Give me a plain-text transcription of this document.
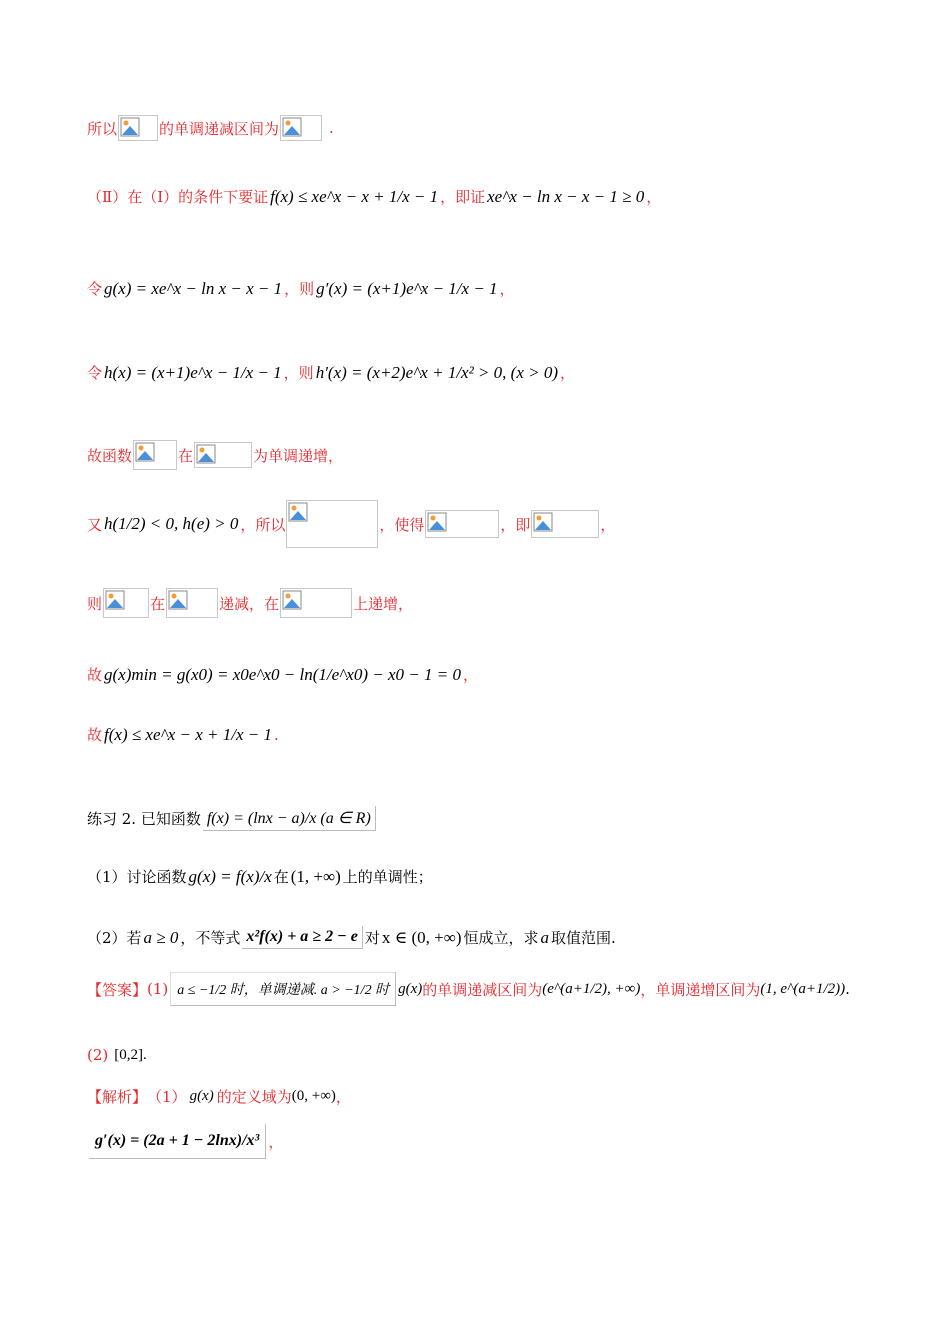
所以	的单调递减区间为	.
（Ⅱ）在（Ⅰ）的条件下要证 f(x) ≤ xe^x − x + 1/x − 1 ，即证 xe^x − ln x − x − 1 ≥ 0 ，
令 g(x) = xe^x − ln x − x − 1 ，则 g′(x) = (x+1)e^x − 1/x − 1 ，
令 h(x) = (x+1)e^x − 1/x − 1 ，则 h′(x) = (x+2)e^x + 1/x² > 0, (x > 0) ，
故函数	在	为单调递增，
又 h(1/2) < 0, h(e) > 0 ，所以	，使得	，即	，
则	在	递减，在	上递增，
故 g(x)min = g(x0) = x0e^x0 − ln(1/e^x0) − x0 − 1 = 0 ，
故 f(x) ≤ xe^x − x + 1/x − 1 .
练习 2. 已知函数 f(x) = (lnx − a)/x (a ∈ R)
（1）讨论函数 g(x) = f(x)/x 在 (1, +∞) 上的单调性；
（2）若 a ≥ 0 ，不等式 x²f(x) + a ≥ 2 − e 对 x ∈ (0, +∞) 恒成立，求 a 取值范围.
【答案】 (1) a ≤ −1/2 时，单调递减. a > −1/2 时 g(x) 的单调递减区间为 (e^(a+1/2), +∞) ，单调递增区间为 (1, e^(a+1/2)) .
(2) [0,2].
【解析】 （1） g(x) 的定义域为 (0, +∞) ，
g′(x) = (2a + 1 − 2lnx)/x³ ，
